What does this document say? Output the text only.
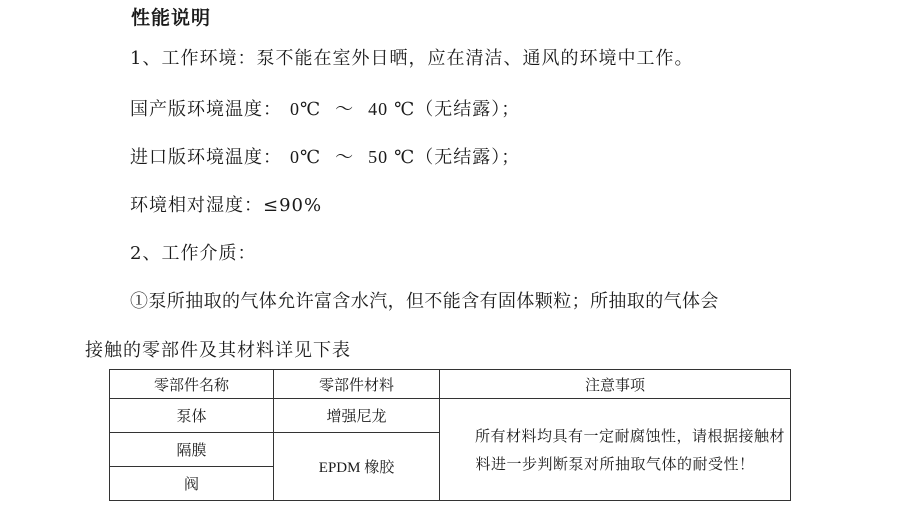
性能说明
1、工作环境：泵不能在室外日晒，应在清洁、通风的环境中工作。
国产版环境温度： 0℃ ～ 40 ℃（无结露）；
进口版环境温度： 0℃ ～ 50 ℃（无结露）；
环境相对湿度：≤90%
2、工作介质：
①泵所抽取的气体允许富含水汽，但不能含有固体颗粒；所抽取的气体会
接触的零部件及其材料详见下表
零部件名称	零部件材料	注意事项
泵体	增强尼龙	所有材料均具有一定耐腐蚀性，请根据接触材料进一步判断泵对所抽取气体的耐受性！
隔膜	EPDM 橡胶	
阀		
